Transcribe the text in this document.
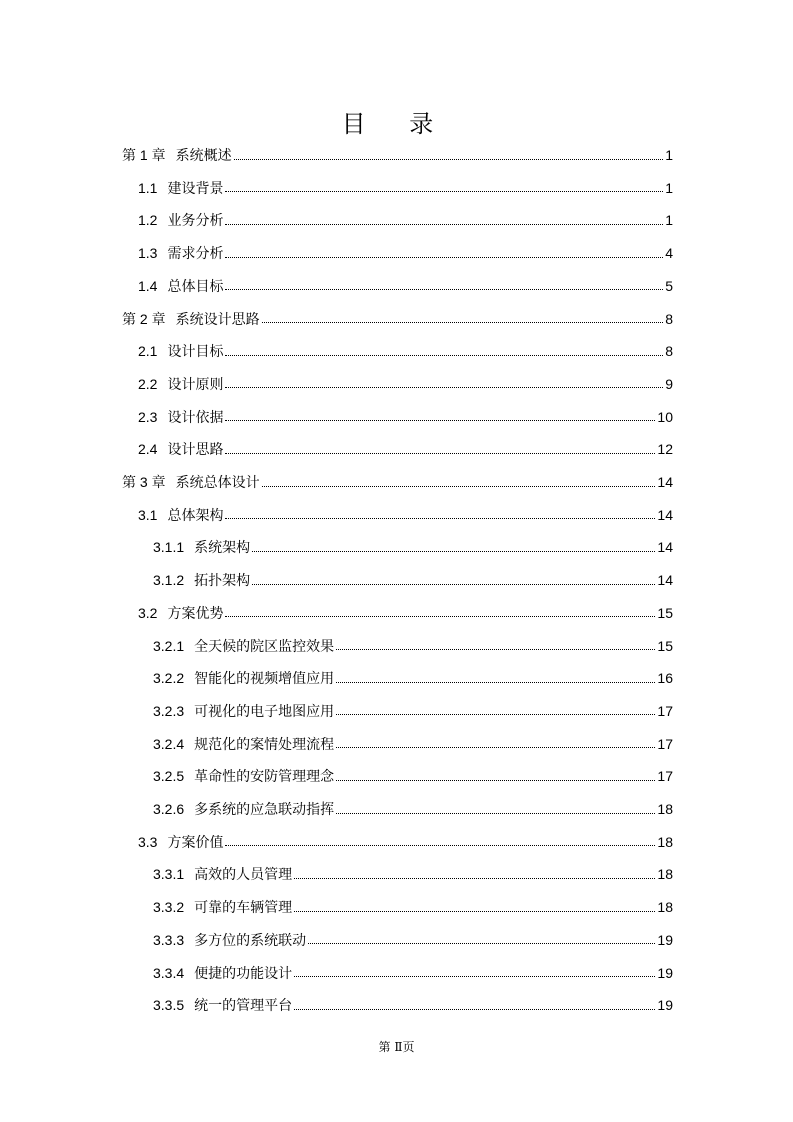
目 录
第 1 章 系统概述	1
1.1 建设背景	1
1.2 业务分析	1
1.3 需求分析	4
1.4 总体目标	5
第 2 章 系统设计思路	8
2.1 设计目标	8
2.2 设计原则	9
2.3 设计依据	10
2.4 设计思路	12
第 3 章 系统总体设计	14
3.1 总体架构	14
3.1.1 系统架构	14
3.1.2 拓扑架构	14
3.2 方案优势	15
3.2.1 全天候的院区监控效果	15
3.2.2 智能化的视频增值应用	16
3.2.3 可视化的电子地图应用	17
3.2.4 规范化的案情处理流程	17
3.2.5 革命性的安防管理理念	17
3.2.6 多系统的应急联动指挥	18
3.3 方案价值	18
3.3.1 高效的人员管理	18
3.3.2 可靠的车辆管理	18
3.3.3 多方位的系统联动	19
3.3.4 便捷的功能设计	19
3.3.5 统一的管理平台	19
第 Ⅱ页
